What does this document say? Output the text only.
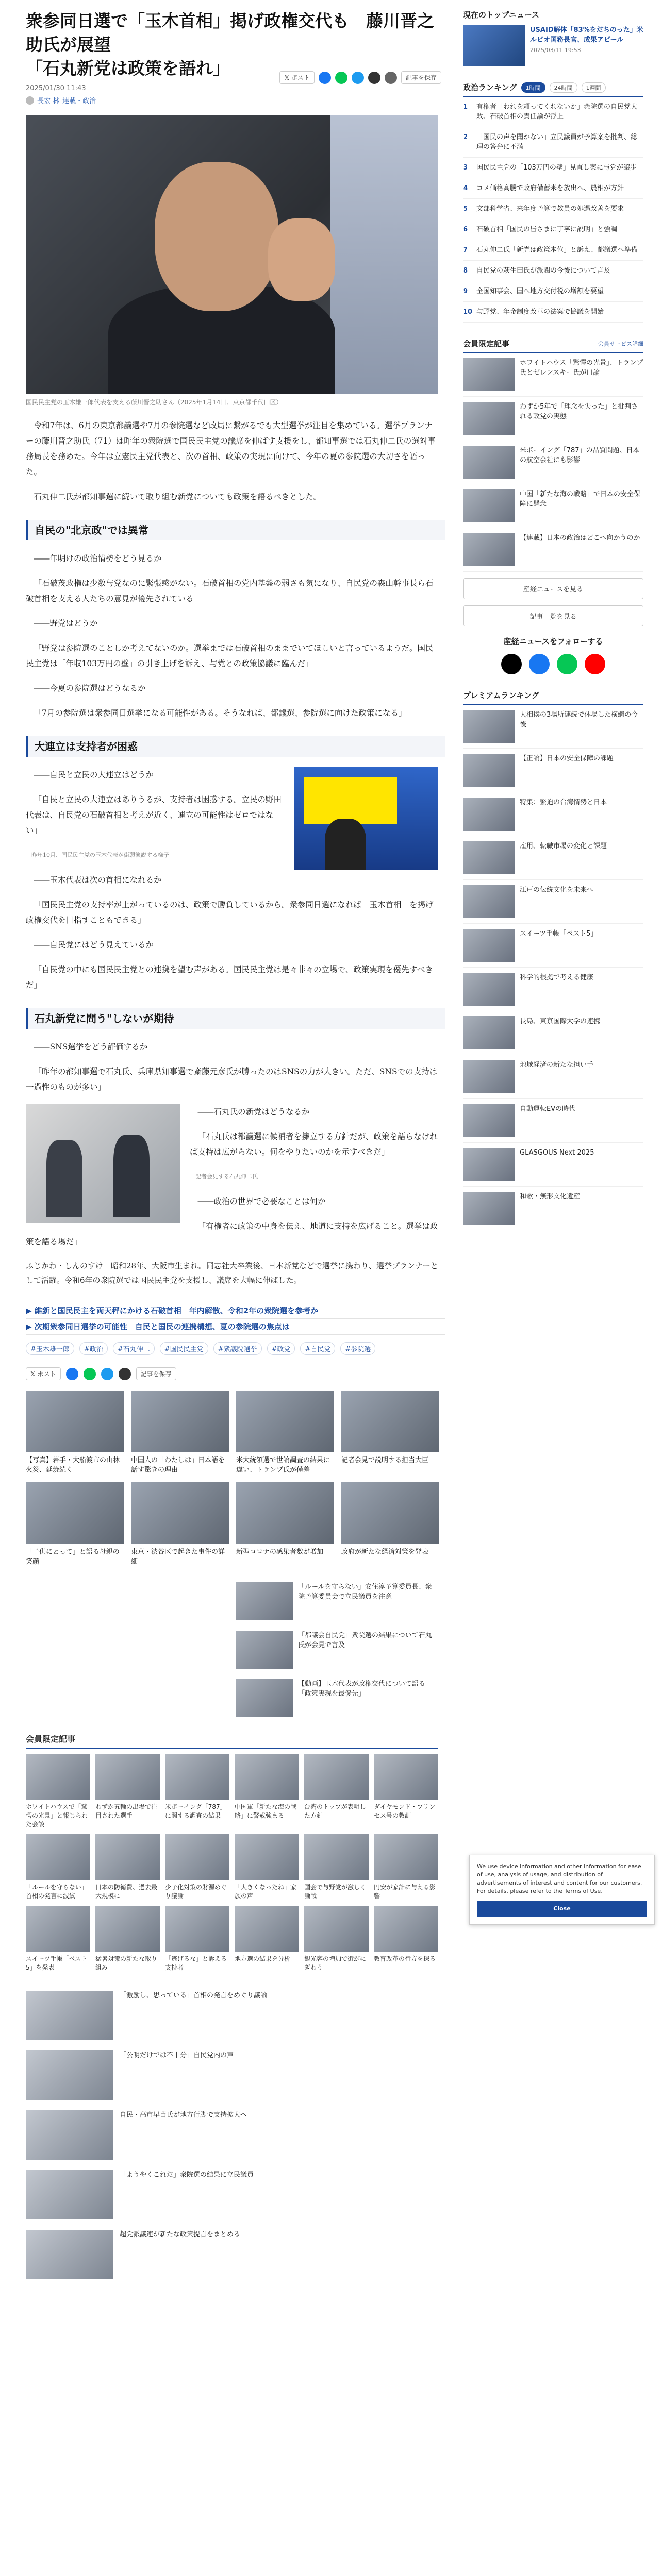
衆参同日選で「玉木首相」掲げ政権交代も　藤川晋之助氏が展望
「石丸新党は政策を語れ」
2025/01/30 11:43
長宏 林 連載・政治
𝕏 ポスト	記事を保存
国民民主党の玉木雄一郎代表を支える藤川晋之助さん（2025年1月14日、東京都千代田区）

令和7年は、6月の東京都議選や7月の参院選など政局に繋がるでも大型選挙が注目を集めている。選挙プランナーの藤川晋之助氏（71）は昨年の衆院選で国民民主党の議席を伸ばす支援をし、都知事選では石丸伸二氏の選対事務局長を務めた。今年は立憲民主党代表と、次の首相、政策の実現に向けて、今年の夏の参院選の大切さを語った。

石丸伸二氏が都知事選に続いて取り組む新党についても政策を語るべきとした。

自民の"北京政"では異常

――年明けの政治情勢をどう見るか

「石破茂政権は少数与党なのに緊張感がない。石破首相の党内基盤の弱さも気になり、自民党の森山幹事長ら石破首相を支える人たちの意見が優先されている」

――野党はどうか

「野党は参院選のことしか考えてないのか。選挙までは石破首相のままでいてほしいと言っているようだ。国民民主党は「年収103万円の壁」の引き上げを訴え、与党との政策協議に臨んだ」

――今夏の参院選はどうなるか

「7月の参院選は衆参同日選挙になる可能性がある。そうなれば、都議選、参院選に向けた政策になる」

大連立は支持者が困惑

――自民と立民の大連立はどうか

「自民と立民の大連立はありうるが、支持者は困惑する。立民の野田代表は、自民党の石破首相と考えが近く、連立の可能性はゼロではない」

昨年10月、国民民主党の玉木代表が街頭演説する様子

――玉木代表は次の首相になれるか

「国民民主党の支持率が上がっているのは、政策で勝負しているから。衆参同日選になれば「玉木首相」を掲げ政権交代を目指すこともできる」

――自民党にはどう見えているか

「自民党の中にも国民民主党との連携を望む声がある。国民民主党は是々非々の立場で、政策実現を優先すべきだ」

石丸新党に問う"しないが期待

――SNS選挙をどう評価するか

「昨年の都知事選で石丸氏、兵庫県知事選で斎藤元彦氏が勝ったのはSNSの力が大きい。ただ、SNSでの支持は一過性のものが多い」

――石丸氏の新党はどうなるか

「石丸氏は都議選に候補者を擁立する方針だが、政策を語らなければ支持は広がらない。何をやりたいのかを示すべきだ」

記者会見する石丸伸二氏

――政治の世界で必要なことは何か

「有権者に政策の中身を伝え、地道に支持を広げること。選挙は政策を語る場だ」

ふじかわ・しんのすけ　昭和28年、大阪市生まれ。同志社大卒業後、日本新党などで選挙に携わり、選挙プランナーとして活躍。令和6年の衆院選では国民民主党を支援し、議席を大幅に伸ばした。
▶ 維新と国民民主を両天秤にかける石破首相　年内解散、令和2年の衆院選を参考か
▶ 次期衆参同日選挙の可能性　自民と国民の連携構想、夏の参院選の焦点は
#玉木雄一郎	#政治	#石丸伸二	#国民民主党	#衆議院選挙	#政党	#自民党	#参院選
𝕏 ポスト	記事を保存
【写真】岩手・大船渡市の山林火災、延焼続く
中国人の「わたしは」日本語を話す驚きの理由
米大統領選で世論調査の結果に違い、トランプ氏が僅差
記者会見で説明する担当大臣
「子供にとって」と語る母親の笑顔
東京・渋谷区で起きた事件の詳細
新型コロナの感染者数が増加	政府が新たな経済対策を発表
「ルールを守らない」安住淳予算委員長、衆院予算委員会で立民議員を注意
「都議会自民党」衆院選の結果について石丸氏が会見で言及
【動画】玉木代表が政権交代について語る「政策実現を最優先」
会員限定記事
ホワイトハウスで「驚愕の光景」と報じられた会談
わずか五輪の出場で注目された選手
米ボーイング「787」に関する調査の結果
中国軍「新たな海の戦略」に警戒強まる
台湾のトップが表明した方針
ダイヤモンド・プリンセス号の教訓
「ルールを守らない」首相の発言に波紋
日本の防衛費、過去最大規模に
少子化対策の財源めぐり議論
「大きくなったね」家族の声
国会で与野党が激しく論戦
円安が家計に与える影響
スイーツ手帳「ベスト5」を発表
猛暑対策の新たな取り組み
「逃げるな」と訴える支持者
地方選の結果を分析	観光客の増加で街がにぎわう
教育改革の行方を探る
「激励し、思っている」首相の発言をめぐり議論
「公明だけでは不十分」自民党内の声
自民・高市早苗氏が地方行脚で支持拡大へ
「ようやくこれだ」衆院選の結果に立民議員
超党派議連が新たな政策提言をまとめる
現在のトップニュース
USAID解体「83%をだちのった」米ルビオ国務長官、成果アピール
2025/03/11 19:53
政治ランキング	1時間	24時間	1週間
1	有権者「われを頼ってくれないか」衆院選の自民党大敗、石破首相の責任論が浮上
2	「国民の声を聞かない」立民議員が予算案を批判、総理の答弁に不満
3	国民民主党の「103万円の壁」見直し案に与党が譲歩
4	コメ価格高騰で政府備蓄米を放出へ、農相が方針
5	文部科学省、来年度予算で教員の処遇改善を要求
6	石破首相「国民の皆さまに丁寧に説明」と強調
7	石丸伸二氏「新党は政策本位」と訴え、都議選へ準備
8	自民党の萩生田氏が派閥の今後について言及
9	全国知事会、国へ地方交付税の増額を要望
10 与野党、年金制度改革の法案で協議を開始
会員限定記事	会員サービス詳細
ホワイトハウス「驚愕の光景」、トランプ氏とゼレンスキー氏が口論
わずか5年で「理念を失った」と批判される政党の実態
米ボーイング「787」の品質問題、日本の航空会社にも影響
中国「新たな海の戦略」で日本の安全保障に懸念
【連載】日本の政治はどこへ向かうのか
産経ニュースを見る
記事一覧を見る
産経ニュースをフォローする
プレミアムランキング
大相撲の3場所連続で休場した横綱の今後
【正論】日本の安全保障の課題
特集：緊迫の台湾情勢と日本
雇用、転職市場の変化と課題
江戸の伝統文化を未来へ
スイーツ手帳「ベスト5」
科学的根拠で考える健康
長島、東京国際大学の連携
地域経済の新たな担い手
自動運転EVの時代
GLASGOUS Next 2025
和歌・無形文化遺産
We use device information and other information for ease of use, analysis of usage, and distribution of advertisements of interest and content for our customers. For details, please refer to the Terms of Use.
Close
